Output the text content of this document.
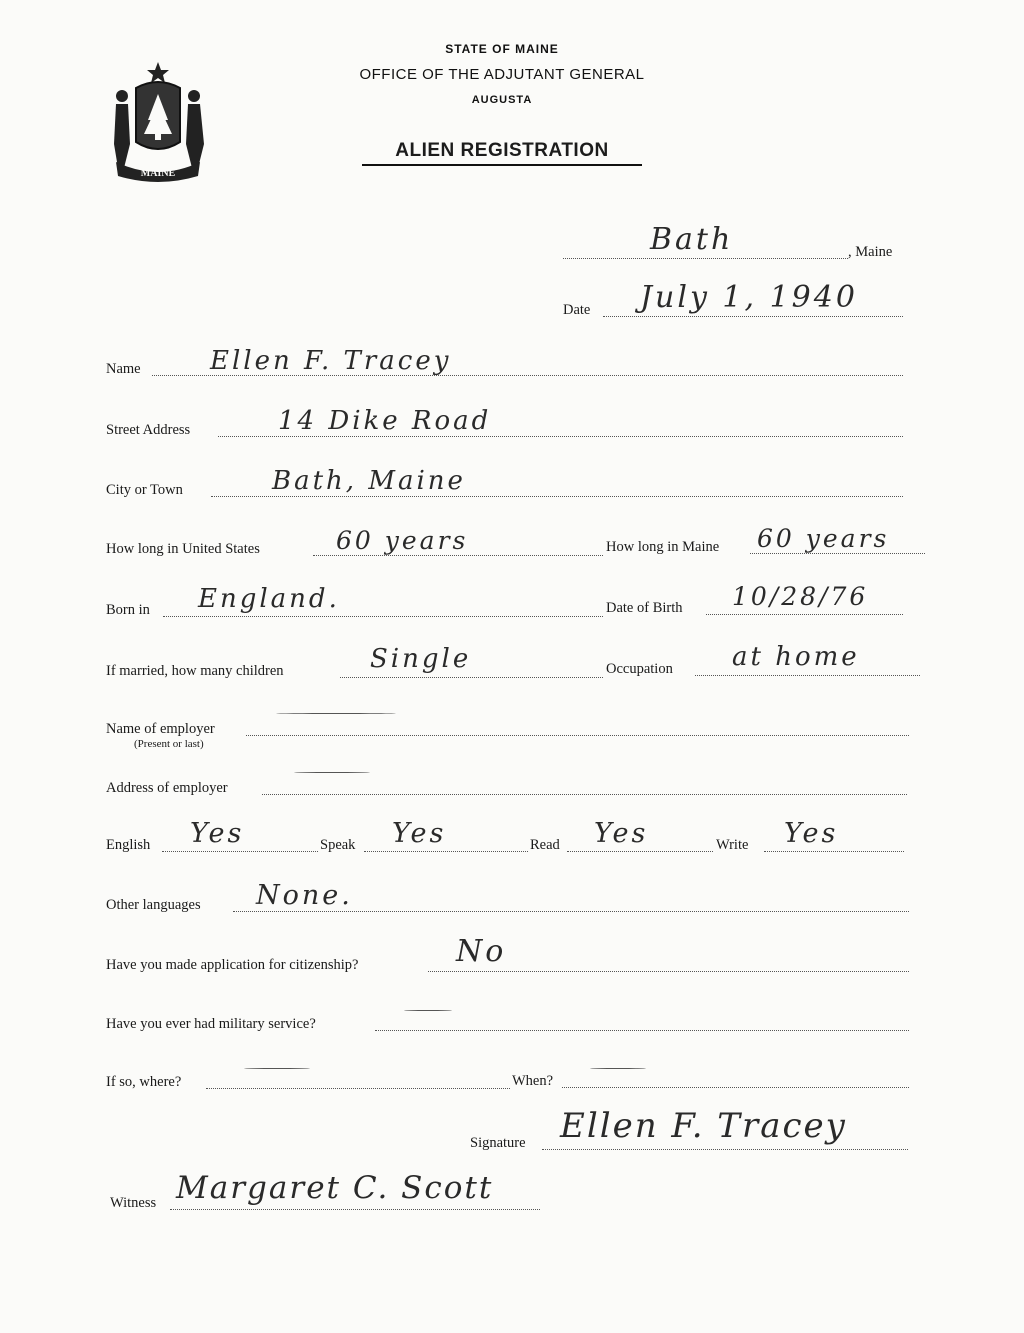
MAINE
STATE OF MAINE
OFFICE OF THE ADJUTANT GENERAL
AUGUSTA
ALIEN REGISTRATION
Bath	, Maine
Date July 1, 1940
Name	Ellen F. Tracey
Street Address	14 Dike Road
City or Town	Bath, Maine
How long in United States	60 years	How long in Maine 60 years
Born in England.	Date of Birth 10/28/76
If married, how many children	Single	Occupation at home
Name of employer
(Present or last)
Address of employer
English Yes	Speak Yes	Read Yes	Write Yes
Other languages None.
Have you made application for citizenship?	No
Have you ever had military service?
If so, where?	When?
Signature Ellen F. Tracey
Witness Margaret C. Scott
